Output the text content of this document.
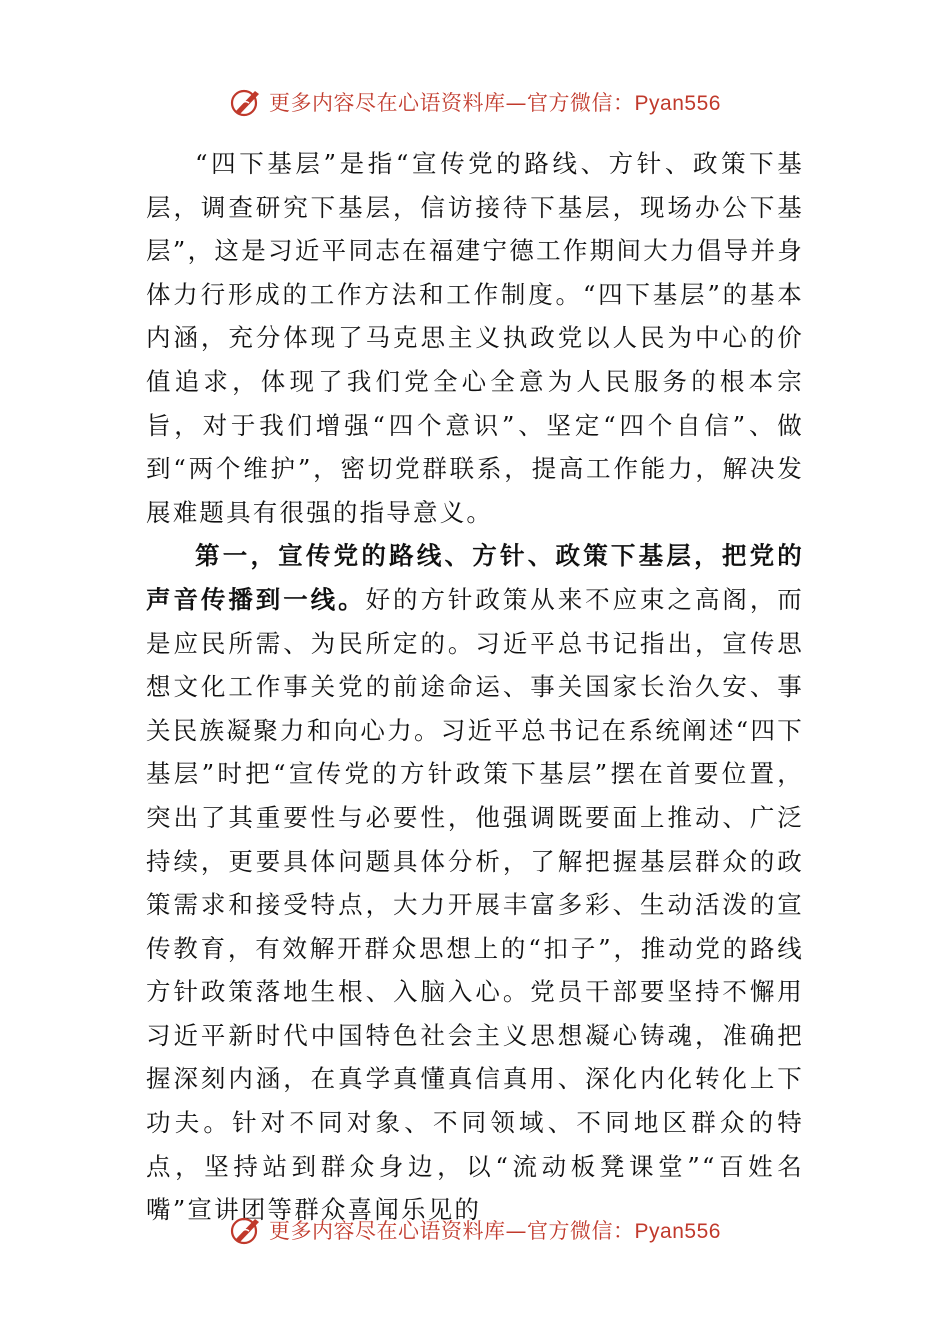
更多内容尽在心语资料库—官方微信：Pyan556

“四下基层”是指“宣传党的路线、方针、政策下基层，调查研究下基层，信访接待下基层，现场办公下基层”，这是习近平同志在福建宁德工作期间大力倡导并身体力行形成的工作方法和工作制度。“四下基层”的基本内涵，充分体现了马克思主义执政党以人民为中心的价值追求，体现了我们党全心全意为人民服务的根本宗旨，对于我们增强“四个意识”、坚定“四个自信”、做到“两个维护”，密切党群联系，提高工作能力，解决发展难题具有很强的指导意义。

第一，宣传党的路线、方针、政策下基层，把党的声音传播到一线。好的方针政策从来不应束之高阁，而是应民所需、为民所定的。习近平总书记指出，宣传思想文化工作事关党的前途命运、事关国家长治久安、事关民族凝聚力和向心力。习近平总书记在系统阐述“四下基层”时把“宣传党的方针政策下基层”摆在首要位置，突出了其重要性与必要性，他强调既要面上推动、广泛持续，更要具体问题具体分析，了解把握基层群众的政策需求和接受特点，大力开展丰富多彩、生动活泼的宣传教育，有效解开群众思想上的“扣子”，推动党的路线方针政策落地生根、入脑入心。党员干部要坚持不懈用习近平新时代中国特色社会主义思想凝心铸魂，准确把握深刻内涵，在真学真懂真信真用、深化内化转化上下功夫。针对不同对象、不同领域、不同地区群众的特点，坚持站到群众身边，以“流动板凳课堂”“百姓名嘴”宣讲团等群众喜闻乐见的

更多内容尽在心语资料库—官方微信：Pyan556
